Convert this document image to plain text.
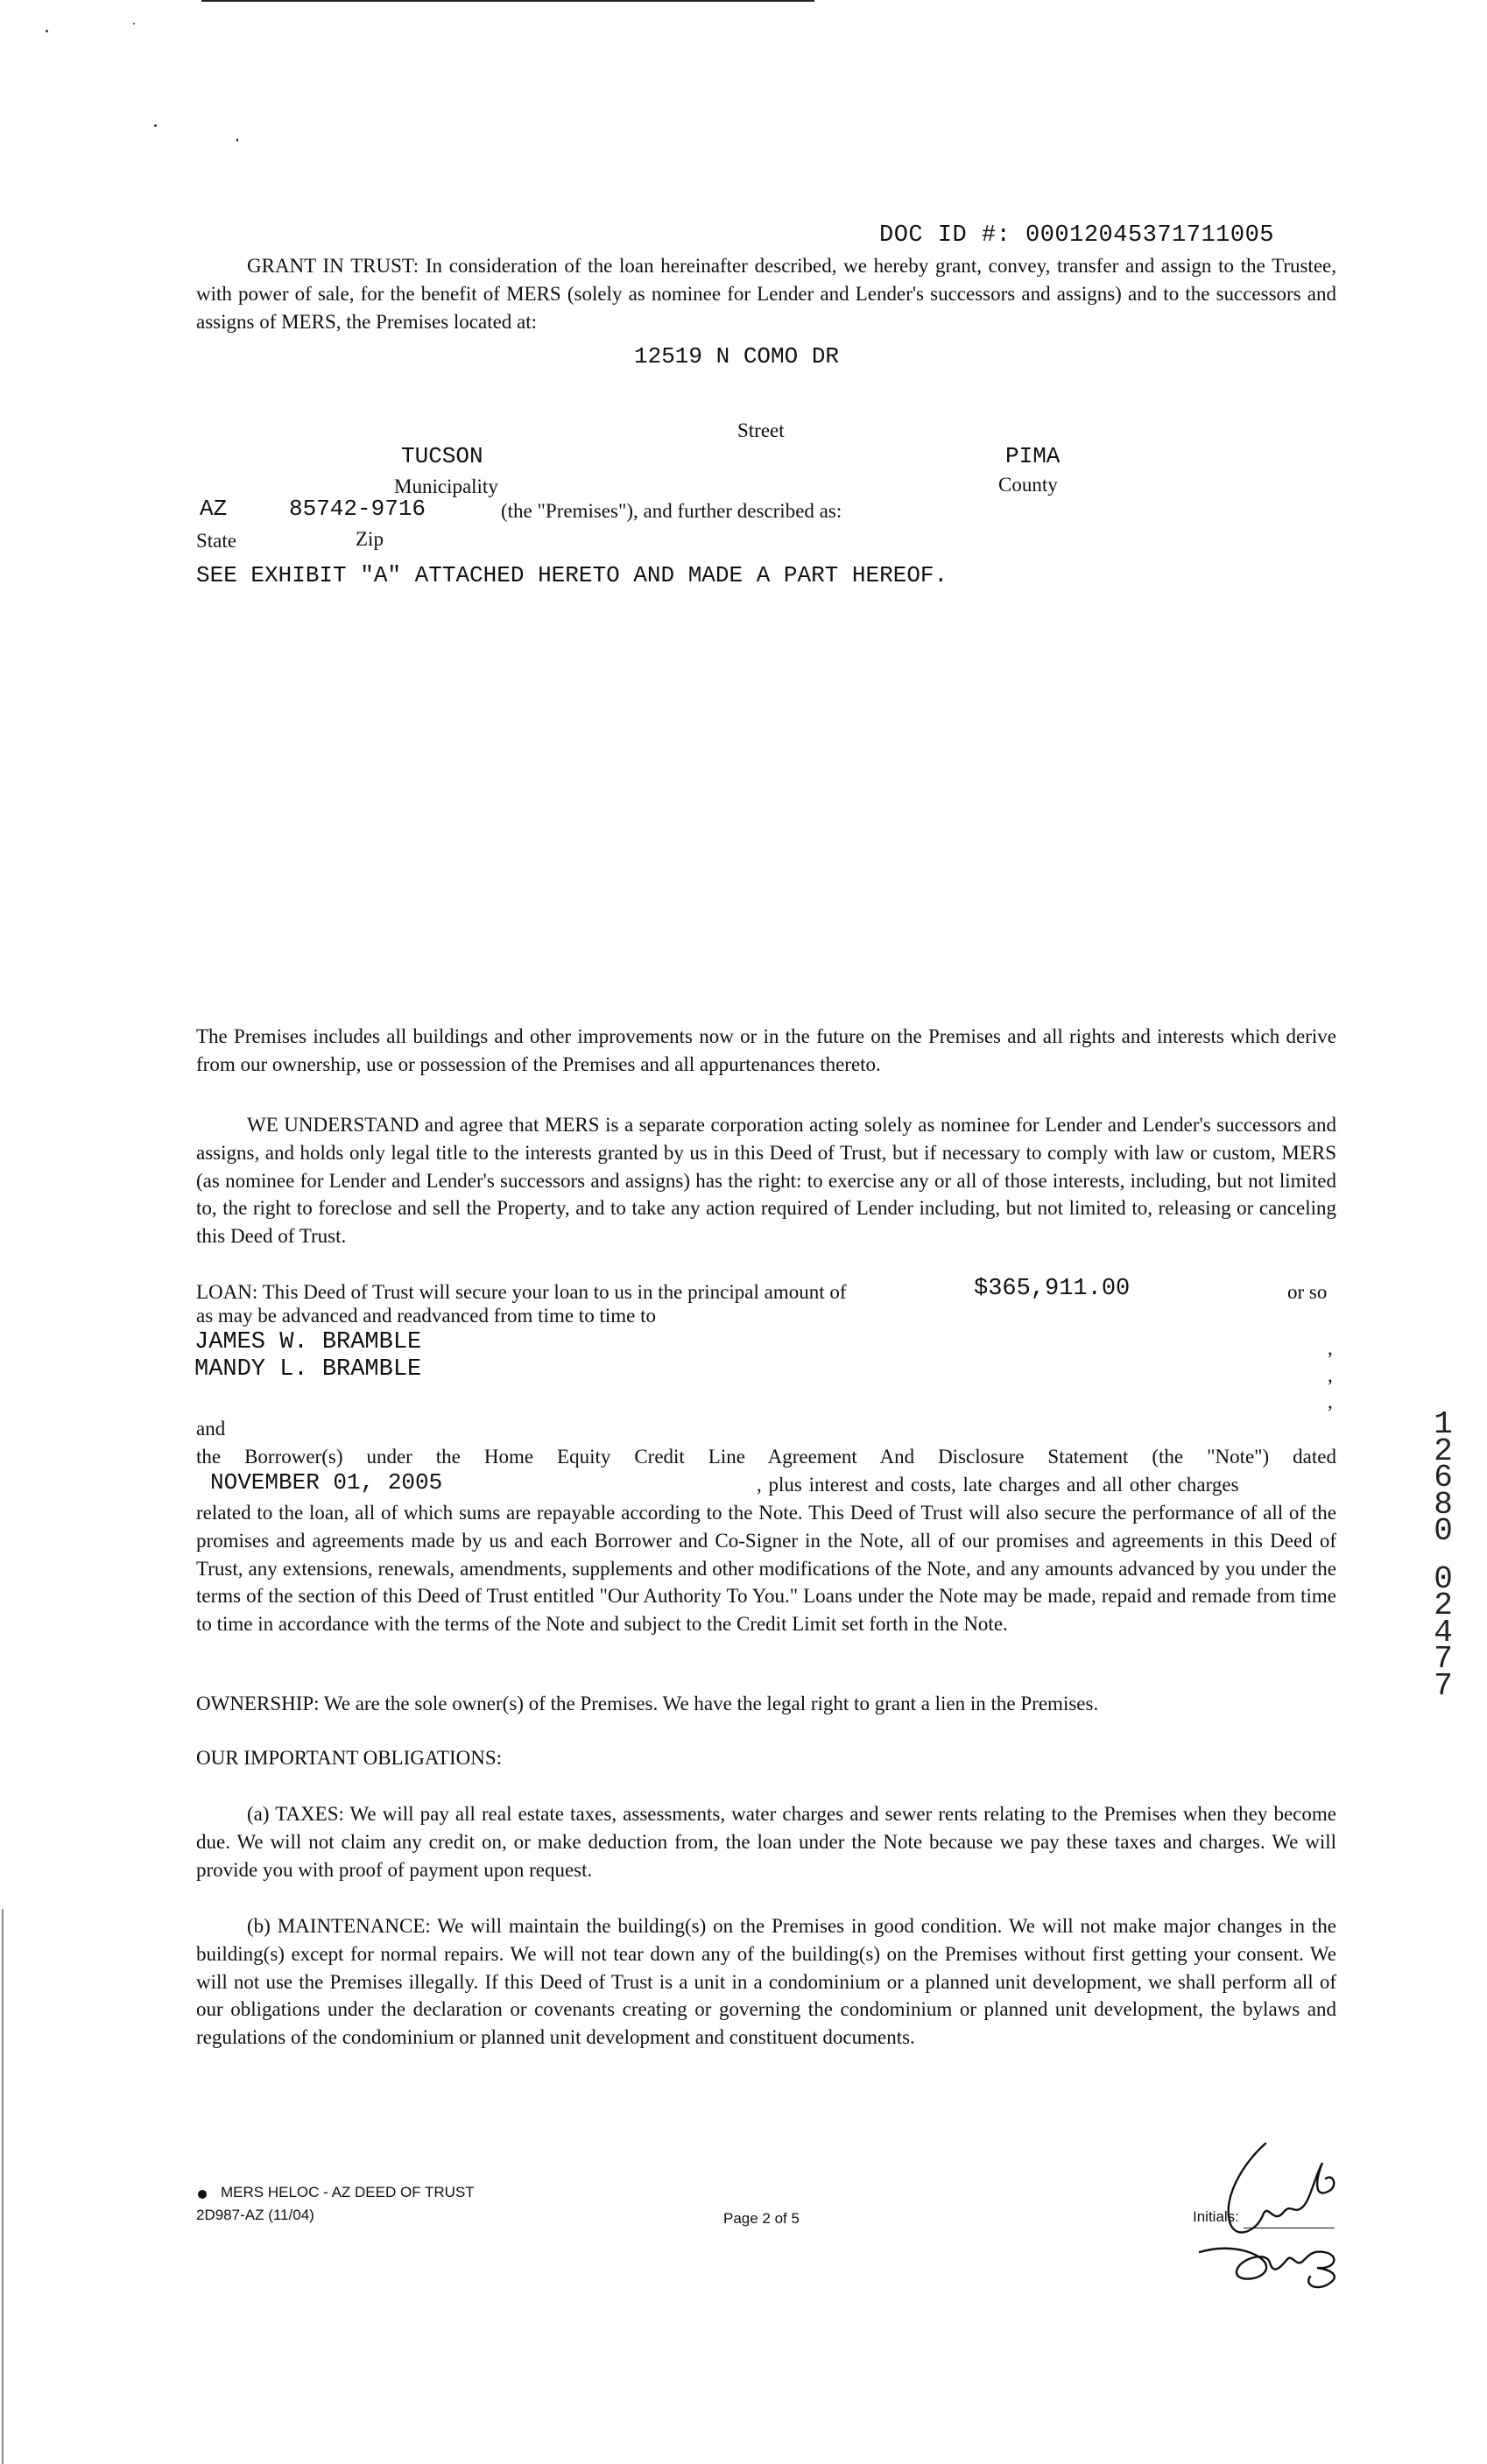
DOC ID #: 00012045371711005

GRANT IN TRUST: In consideration of the loan hereinafter described, we hereby grant, convey, transfer and assign to the Trustee, with power of sale, for the benefit of MERS (solely as nominee for Lender and Lender's successors and assigns) and to the successors and assigns of MERS, the Premises located at:

12519 N COMO DR
Street
TUCSON	PIMA
Municipality	County
AZ	85742-9716	(the "Premises"), and further described as:
State	Zip
SEE EXHIBIT "A" ATTACHED HERETO AND MADE A PART HEREOF.

The Premises includes all buildings and other improvements now or in the future on the Premises and all rights and interests which derive from our ownership, use or possession of the Premises and all appurtenances thereto.

WE UNDERSTAND and agree that MERS is a separate corporation acting solely as nominee for Lender and Lender's successors and assigns, and holds only legal title to the interests granted by us in this Deed of Trust, but if necessary to comply with law or custom, MERS (as nominee for Lender and Lender's successors and assigns) has the right: to exercise any or all of those interests, including, but not limited to, the right to foreclose and sell the Property, and to take any action required of Lender including, but not limited to, releasing or canceling this Deed of Trust.

LOAN: This Deed of Trust will secure your loan to us in the principal amount of	$365,911.00	or so
as may be advanced and readvanced from time to time to
JAMES W. BRAMBLE	,
MANDY L. BRAMBLE	,
,
and

the Borrower(s) under the Home Equity Credit Line Agreement And Disclosure Statement (the "Note") dated

NOVEMBER 01, 2005	, plus interest and costs, late charges and all other charges

related to the loan, all of which sums are repayable according to the Note. This Deed of Trust will also secure the performance of all of the promises and agreements made by us and each Borrower and Co-Signer in the Note, all of our promises and agreements in this Deed of Trust, any extensions, renewals, amendments, supplements and other modifications of the Note, and any amounts advanced by you under the terms of the section of this Deed of Trust entitled "Our Authority To You." Loans under the Note may be made, repaid and remade from time to time in accordance with the terms of the Note and subject to the Credit Limit set forth in the Note.

OWNERSHIP: We are the sole owner(s) of the Premises. We have the legal right to grant a lien in the Premises.

OUR IMPORTANT OBLIGATIONS:

(a) TAXES: We will pay all real estate taxes, assessments, water charges and sewer rents relating to the Premises when they become due. We will not claim any credit on, or make deduction from, the loan under the Note because we pay these taxes and charges. We will provide you with proof of payment upon request.

(b) MAINTENANCE: We will maintain the building(s) on the Premises in good condition. We will not make major changes in the building(s) except for normal repairs. We will not tear down any of the building(s) on the Premises without first getting your consent. We will not use the Premises illegally. If this Deed of Trust is a unit in a condominium or a planned unit development, we shall perform all of our obligations under the declaration or covenants creating or governing the condominium or planned unit development, the bylaws and regulations of the condominium or planned unit development and constituent documents.

1
2
6
8
0
0
2
4
7
7
MERS HELOC - AZ DEED OF TRUST
2D987-AZ (11/04)	Page 2 of 5	Initials:
